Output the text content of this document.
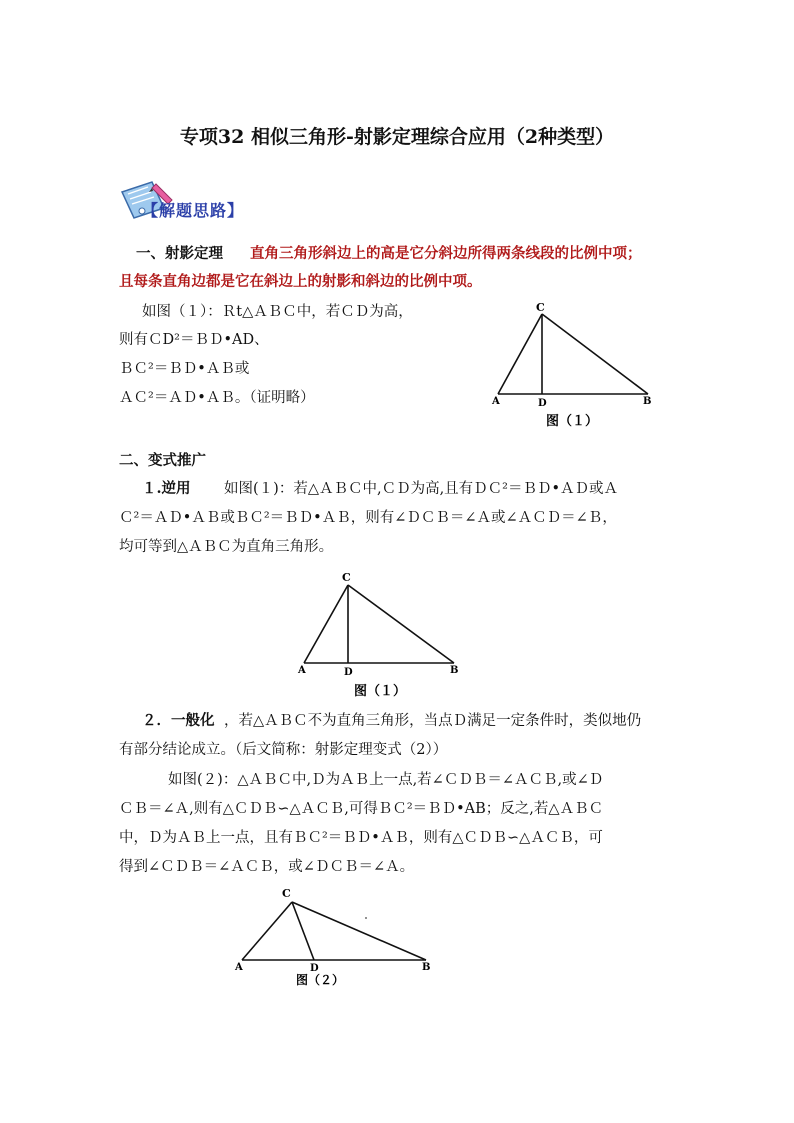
专项32 相似三角形-射影定理综合应用（2种类型）
【解题思路】
一、射影定理 直角三角形斜边上的高是它分斜边所得两条线段的比例中项；
且每条直角边都是它在斜边上的射影和斜边的比例中项。
如图（１）：Ｒt△ＡＢＣ中，若ＣＤ为高，
则有ＣD²＝ＢＤ•AD、
ＢＣ²＝ＢＤ•ＡＢ或
ＡＣ²＝ＡＤ•ＡＢ。（证明略）
C
A	D	B
图（１）
二、变式推广
１.逆用 如图(１)：若△ＡＢＣ中,ＣＤ为高,且有ＤＣ²＝ＢＤ•ＡＤ或Ａ
Ｃ²＝ＡＤ•ＡＢ或ＢＣ²＝ＢＤ•ＡＢ，则有∠ＤＣＢ＝∠Ａ或∠ＡＣＤ＝∠Ｂ，
均可等到△ＡＢＣ为直角三角形。
C
A	D	B
图（１）
２．一般化 ，若△ＡＢＣ不为直角三角形，当点Ｄ满足一定条件时，类似地仍
有部分结论成立。（后文简称：射影定理变式（2））
如图(２)：△ＡＢＣ中,Ｄ为ＡＢ上一点,若∠ＣＤＢ＝∠ＡＣＢ,或∠Ｄ
ＣＢ＝∠Ａ,则有△ＣＤＢ∽△ＡＣＢ,可得ＢＣ²＝ＢＤ•AB；反之,若△ＡＢＣ
中，Ｄ为ＡＢ上一点，且有ＢＣ²＝ＢＤ•ＡＢ，则有△ＣＤＢ∽△ＡＣＢ，可
得到∠ＣＤＢ＝∠ＡＣＢ，或∠ＤＣＢ＝∠Ａ。
C
A	D	B
图（２）
